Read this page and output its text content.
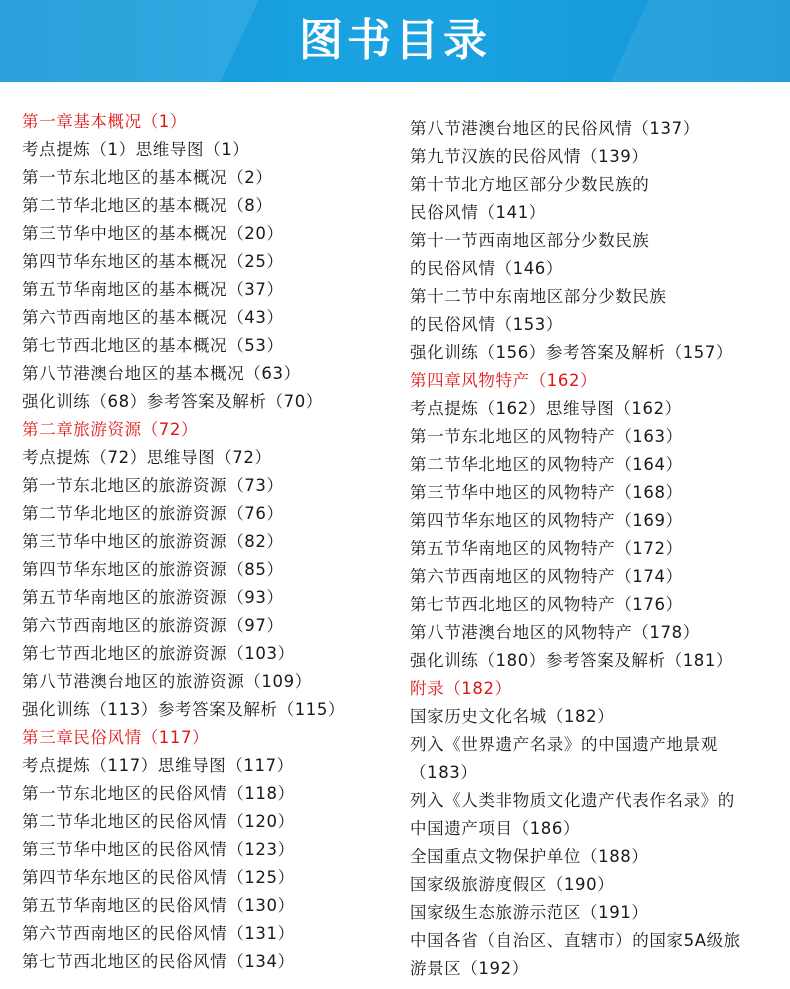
图书目录
第一章基本概况（1）
考点提炼（1）思维导图（1）
第一节东北地区的基本概况（2）
第二节华北地区的基本概况（8）
第三节华中地区的基本概况（20）
第四节华东地区的基本概况（25）
第五节华南地区的基本概况（37）
第六节西南地区的基本概况（43）
第七节西北地区的基本概况（53）
第八节港澳台地区的基本概况（63）
强化训练（68）参考答案及解析（70）
第二章旅游资源（72）
考点提炼（72）思维导图（72）
第一节东北地区的旅游资源（73）
第二节华北地区的旅游资源（76）
第三节华中地区的旅游资源（82）
第四节华东地区的旅游资源（85）
第五节华南地区的旅游资源（93）
第六节西南地区的旅游资源（97）
第七节西北地区的旅游资源（103）
第八节港澳台地区的旅游资源（109）
强化训练（113）参考答案及解析（115）
第三章民俗风情（117）
考点提炼（117）思维导图（117）
第一节东北地区的民俗风情（118）
第二节华北地区的民俗风情（120）
第三节华中地区的民俗风情（123）
第四节华东地区的民俗风情（125）
第五节华南地区的民俗风情（130）
第六节西南地区的民俗风情（131）
第七节西北地区的民俗风情（134）
第八节港澳台地区的民俗风情（137）
第九节汉族的民俗风情（139）
第十节北方地区部分少数民族的
民俗风情（141）
第十一节西南地区部分少数民族
的民俗风情（146）
第十二节中东南地区部分少数民族
的民俗风情（153）
强化训练（156）参考答案及解析（157）
第四章风物特产（162）
考点提炼（162）思维导图（162）
第一节东北地区的风物特产（163）
第二节华北地区的风物特产（164）
第三节华中地区的风物特产（168）
第四节华东地区的风物特产（169）
第五节华南地区的风物特产（172）
第六节西南地区的风物特产（174）
第七节西北地区的风物特产（176）
第八节港澳台地区的风物特产（178）
强化训练（180）参考答案及解析（181）
附录（182）
国家历史文化名城（182）
列入《世界遗产名录》的中国遗产地景观
（183）
列入《人类非物质文化遗产代表作名录》的
中国遗产项目（186）
全国重点文物保护单位（188）
国家级旅游度假区（190）
国家级生态旅游示范区（191）
中国各省（自治区、直辖市）的国家5A级旅
游景区（192）
